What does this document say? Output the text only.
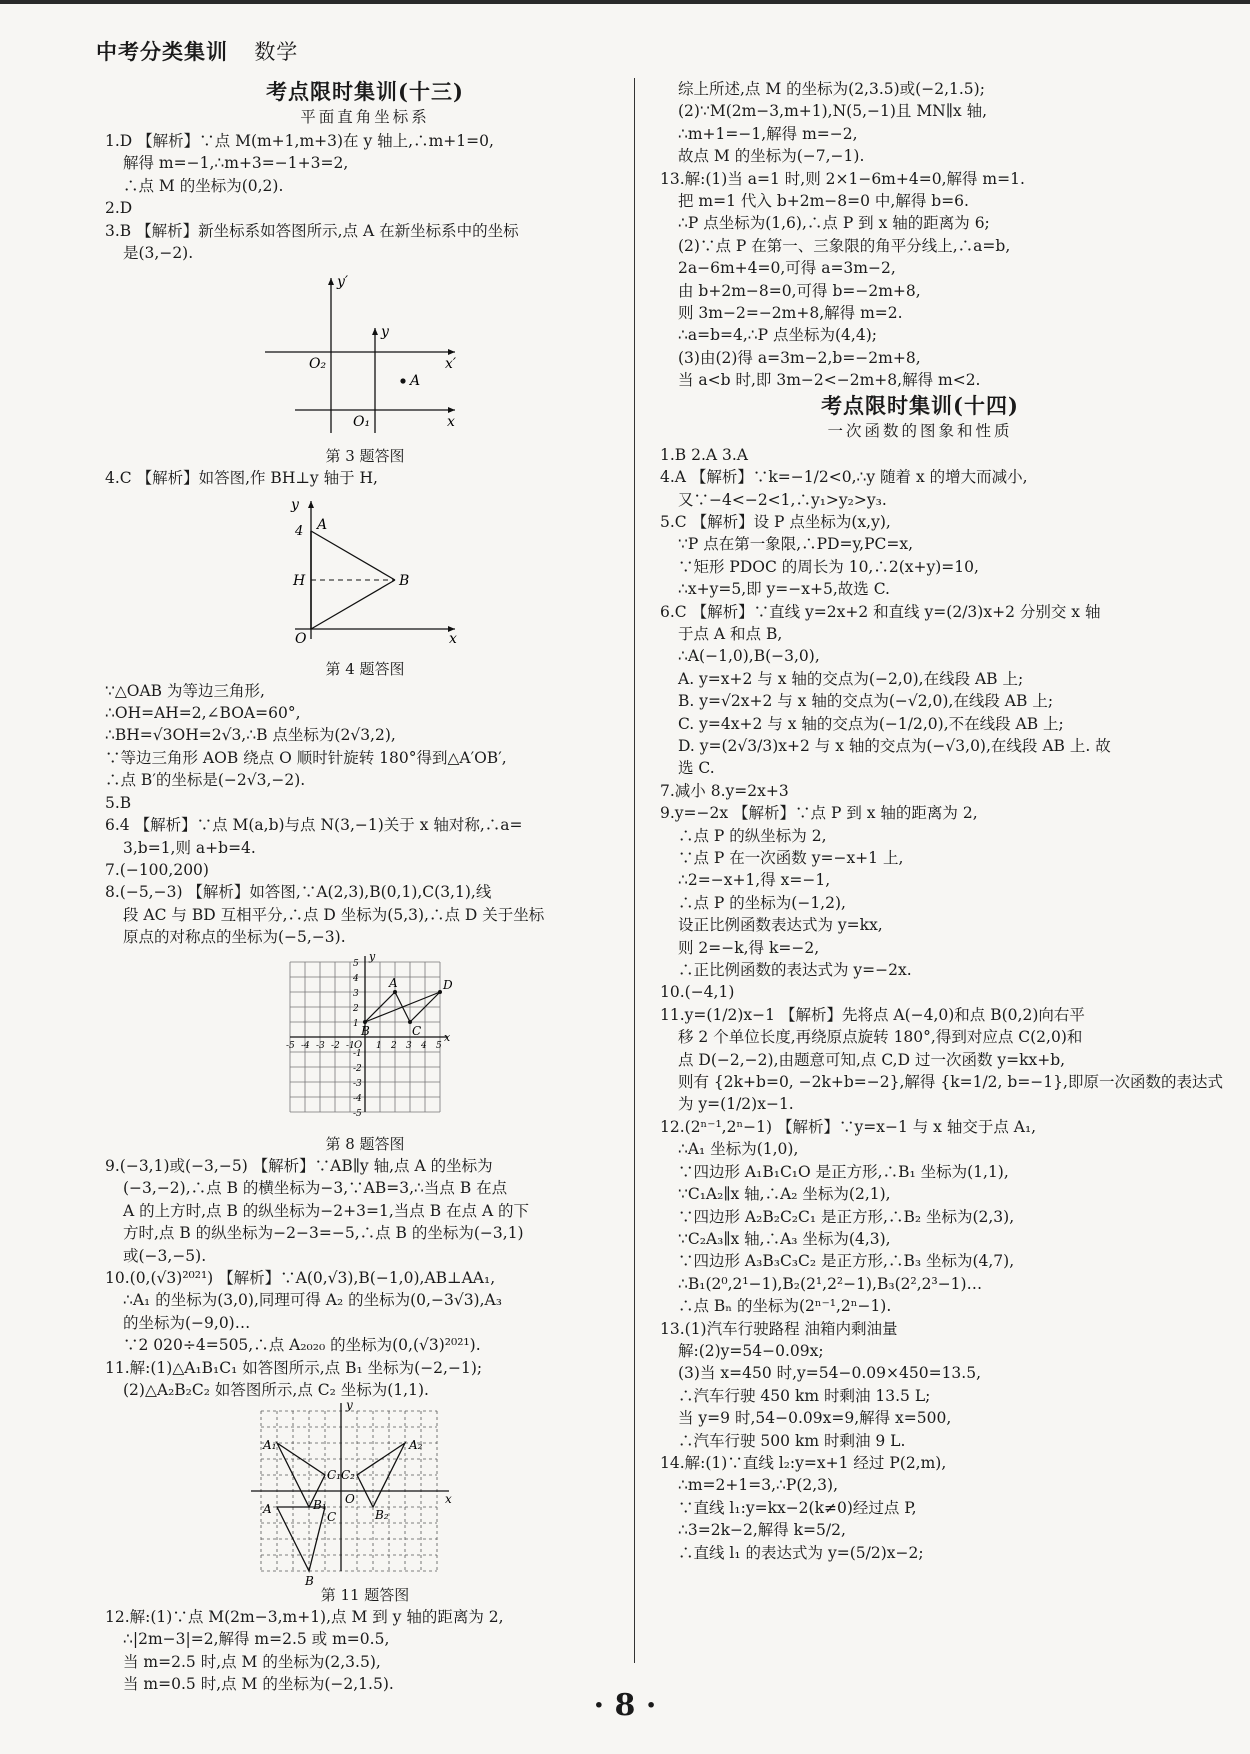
中考分类集训 数学
考点限时集训(十三)
平面直角坐标系
1.D 【解析】∵点 M(m+1,m+3)在 y 轴上,∴m+1=0,
解得 m=−1,∴m+3=−1+3=2,
∴点 M 的坐标为(0,2).
2.D
3.B 【解析】新坐标系如答图所示,点 A 在新坐标系中的坐标
是(3,−2).
y′
y
O₂	x′
A
O₁	x
第 3 题答图
4.C 【解析】如答图,作 BH⊥y 轴于 H,
y
A
4
H	B
O	x
第 4 题答图
∵△OAB 为等边三角形,
∴OH=AH=2,∠BOA=60°,
∴BH=√3OH=2√3,∴B 点坐标为(2√3,2),
∵等边三角形 AOB 绕点 O 顺时针旋转 180°得到△A′OB′,
∴点 B′的坐标是(−2√3,−2).
5.B
6.4 【解析】∵点 M(a,b)与点 N(3,−1)关于 x 轴对称,∴a=
3,b=1,则 a+b=4.
7.(−100,200)
8.(−5,−3) 【解析】如答图,∵A(2,3),B(0,1),C(3,1),线
段 AC 与 BD 互相平分,∴点 D 坐标为(5,3),∴点 D 关于坐标
原点的对称点的坐标为(−5,−3).
A
B	C
D
O
x
y
-5 -4 -3 -2 -1 1 2 3 4 5
5
4
3
2
1
-1
-2
-3
-4
-5
第 8 题答图
9.(−3,1)或(−3,−5) 【解析】∵AB∥y 轴,点 A 的坐标为
(−3,−2),∴点 B 的横坐标为−3,∵AB=3,∴当点 B 在点
A 的上方时,点 B 的纵坐标为−2+3=1,当点 B 在点 A 的下
方时,点 B 的纵坐标为−2−3=−5,∴点 B 的坐标为(−3,1)
或(−3,−5).
10.(0,(√3)²⁰²¹) 【解析】∵A(0,√3),B(−1,0),AB⊥AA₁,
∴A₁ 的坐标为(3,0),同理可得 A₂ 的坐标为(0,−3√3),A₃
的坐标为(−9,0)…
∵2 020÷4=505,∴点 A₂₀₂₀ 的坐标为(0,(√3)²⁰²¹).
11.解:(1)△A₁B₁C₁ 如答图所示,点 B₁ 坐标为(−2,−1);
(2)△A₂B₂C₂ 如答图所示,点 C₂ 坐标为(1,1).
y
A₁	A₂
C₁ C₂
B₁
B₂
A
B
C
O	x
第 11 题答图
12.解:(1)∵点 M(2m−3,m+1),点 M 到 y 轴的距离为 2,
∴|2m−3|=2,解得 m=2.5 或 m=0.5,
当 m=2.5 时,点 M 的坐标为(2,3.5),
当 m=0.5 时,点 M 的坐标为(−2,1.5).
综上所述,点 M 的坐标为(2,3.5)或(−2,1.5);
(2)∵M(2m−3,m+1),N(5,−1)且 MN∥x 轴,
∴m+1=−1,解得 m=−2,
故点 M 的坐标为(−7,−1).
13.解:(1)当 a=1 时,则 2×1−6m+4=0,解得 m=1.
把 m=1 代入 b+2m−8=0 中,解得 b=6.
∴P 点坐标为(1,6),∴点 P 到 x 轴的距离为 6;
(2)∵点 P 在第一、三象限的角平分线上,∴a=b,
2a−6m+4=0,可得 a=3m−2,
由 b+2m−8=0,可得 b=−2m+8,
则 3m−2=−2m+8,解得 m=2.
∴a=b=4,∴P 点坐标为(4,4);
(3)由(2)得 a=3m−2,b=−2m+8,
当 a<b 时,即 3m−2<−2m+8,解得 m<2.
考点限时集训(十四)
一次函数的图象和性质
1.B 2.A 3.A
4.A 【解析】∵k=−1/2<0,∴y 随着 x 的增大而减小,
又∵−4<−2<1,∴y₁>y₂>y₃.
5.C 【解析】设 P 点坐标为(x,y),
∵P 点在第一象限,∴PD=y,PC=x,
∵矩形 PDOC 的周长为 10,∴2(x+y)=10,
∴x+y=5,即 y=−x+5,故选 C.
6.C 【解析】∵直线 y=2x+2 和直线 y=(2/3)x+2 分别交 x 轴
于点 A 和点 B,
∴A(−1,0),B(−3,0),
A. y=x+2 与 x 轴的交点为(−2,0),在线段 AB 上;
B. y=√2x+2 与 x 轴的交点为(−√2,0),在线段 AB 上;
C. y=4x+2 与 x 轴的交点为(−1/2,0),不在线段 AB 上;
D. y=(2√3/3)x+2 与 x 轴的交点为(−√3,0),在线段 AB 上. 故
选 C.
7.减小 8.y=2x+3
9.y=−2x 【解析】∵点 P 到 x 轴的距离为 2,
∴点 P 的纵坐标为 2,
∵点 P 在一次函数 y=−x+1 上,
∴2=−x+1,得 x=−1,
∴点 P 的坐标为(−1,2),
设正比例函数表达式为 y=kx,
则 2=−k,得 k=−2,
∴正比例函数的表达式为 y=−2x.
10.(−4,1)
11.y=(1/2)x−1 【解析】先将点 A(−4,0)和点 B(0,2)向右平
移 2 个单位长度,再绕原点旋转 180°,得到对应点 C(2,0)和
点 D(−2,−2),由题意可知,点 C,D 过一次函数 y=kx+b,
则有 {2k+b=0, −2k+b=−2},解得 {k=1/2, b=−1},即原一次函数的表达式
为 y=(1/2)x−1.
12.(2ⁿ⁻¹,2ⁿ−1) 【解析】∵y=x−1 与 x 轴交于点 A₁,
∴A₁ 坐标为(1,0),
∵四边形 A₁B₁C₁O 是正方形,∴B₁ 坐标为(1,1),
∵C₁A₂∥x 轴,∴A₂ 坐标为(2,1),
∵四边形 A₂B₂C₂C₁ 是正方形,∴B₂ 坐标为(2,3),
∵C₂A₃∥x 轴,∴A₃ 坐标为(4,3),
∵四边形 A₃B₃C₃C₂ 是正方形,∴B₃ 坐标为(4,7),
∴B₁(2⁰,2¹−1),B₂(2¹,2²−1),B₃(2²,2³−1)…
∴点 Bₙ 的坐标为(2ⁿ⁻¹,2ⁿ−1).
13.(1)汽车行驶路程 油箱内剩油量
解:(2)y=54−0.09x;
(3)当 x=450 时,y=54−0.09×450=13.5,
∴汽车行驶 450 km 时剩油 13.5 L;
当 y=9 时,54−0.09x=9,解得 x=500,
∴汽车行驶 500 km 时剩油 9 L.
14.解:(1)∵直线 l₂:y=x+1 经过 P(2,m),
∴m=2+1=3,∴P(2,3),
∵直线 l₁:y=kx−2(k≠0)经过点 P,
∴3=2k−2,解得 k=5/2,
∴直线 l₁ 的表达式为 y=(5/2)x−2;
· 8 ·
